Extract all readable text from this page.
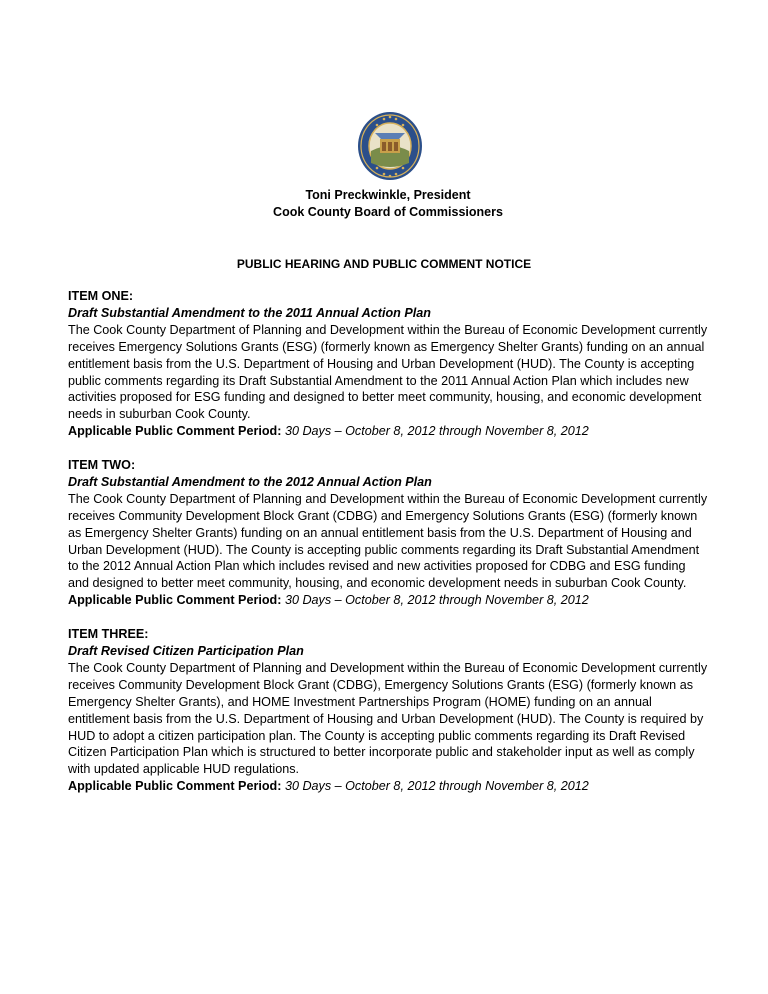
Toni Preckwinkle, President
Cook County Board of Commissioners
PUBLIC HEARING AND PUBLIC COMMENT NOTICE
ITEM ONE:
Draft Substantial Amendment to the 2011 Annual Action Plan
The Cook County Department of Planning and Development within the Bureau of Economic Development currently receives Emergency Solutions Grants (ESG) (formerly known as Emergency Shelter Grants) funding on an annual entitlement basis from the U.S. Department of Housing and Urban Development (HUD). The County is accepting public comments regarding its Draft Substantial Amendment to the 2011 Annual Action Plan which includes new activities proposed for ESG funding and designed to better meet community, housing, and economic development needs in suburban Cook County.
Applicable Public Comment Period: 30 Days – October 8, 2012 through November 8, 2012
ITEM TWO:
Draft Substantial Amendment to the 2012 Annual Action Plan
The Cook County Department of Planning and Development within the Bureau of Economic Development currently receives Community Development Block Grant (CDBG) and Emergency Solutions Grants (ESG) (formerly known as Emergency Shelter Grants) funding on an annual entitlement basis from the U.S. Department of Housing and Urban Development (HUD). The County is accepting public comments regarding its Draft Substantial Amendment to the 2012 Annual Action Plan which includes revised and new activities proposed for CDBG and ESG funding and designed to better meet community, housing, and economic development needs in suburban Cook County.
Applicable Public Comment Period: 30 Days – October 8, 2012 through November 8, 2012
ITEM THREE:
Draft Revised Citizen Participation Plan
The Cook County Department of Planning and Development within the Bureau of Economic Development currently receives Community Development Block Grant (CDBG), Emergency Solutions Grants (ESG) (formerly known as Emergency Shelter Grants), and HOME Investment Partnerships Program (HOME) funding on an annual entitlement basis from the U.S. Department of Housing and Urban Development (HUD). The County is required by HUD to adopt a citizen participation plan. The County is accepting public comments regarding its Draft Revised Citizen Participation Plan which is structured to better incorporate public and stakeholder input as well as comply with updated applicable HUD regulations.
Applicable Public Comment Period: 30 Days – October 8, 2012 through November 8, 2012
